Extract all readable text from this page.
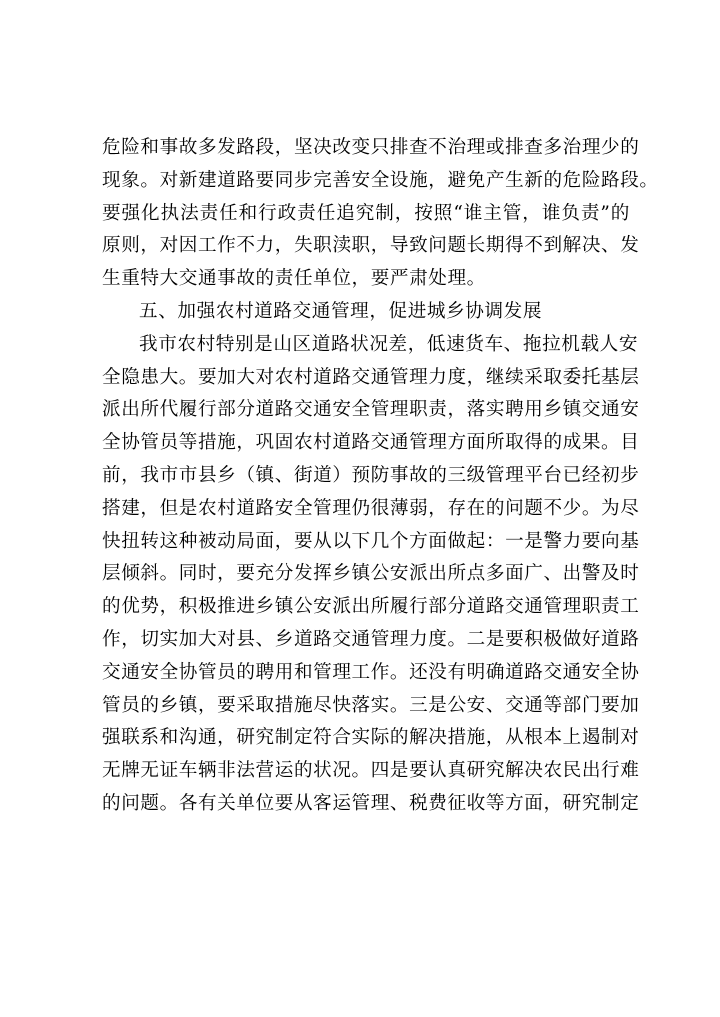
危险和事故多发路段，坚决改变只排查不治理或排查多治理少的
现象。对新建道路要同步完善安全设施，避免产生新的危险路段。
要强化执法责任和行政责任追究制，按照“谁主管，谁负责”的
原则，对因工作不力，失职渎职，导致问题长期得不到解决、发
生重特大交通事故的责任单位，要严肃处理。
五、加强农村道路交通管理，促进城乡协调发展
我市农村特别是山区道路状况差，低速货车、拖拉机载人安
全隐患大。要加大对农村道路交通管理力度，继续采取委托基层
派出所代履行部分道路交通安全管理职责，落实聘用乡镇交通安
全协管员等措施，巩固农村道路交通管理方面所取得的成果。目
前，我市市县乡（镇、街道）预防事故的三级管理平台已经初步
搭建，但是农村道路安全管理仍很薄弱，存在的问题不少。为尽
快扭转这种被动局面，要从以下几个方面做起：一是警力要向基
层倾斜。同时，要充分发挥乡镇公安派出所点多面广、出警及时
的优势，积极推进乡镇公安派出所履行部分道路交通管理职责工
作，切实加大对县、乡道路交通管理力度。二是要积极做好道路
交通安全协管员的聘用和管理工作。还没有明确道路交通安全协
管员的乡镇，要采取措施尽快落实。三是公安、交通等部门要加
强联系和沟通，研究制定符合实际的解决措施，从根本上遏制对
无牌无证车辆非法营运的状况。四是要认真研究解决农民出行难
的问题。各有关单位要从客运管理、税费征收等方面，研究制定
